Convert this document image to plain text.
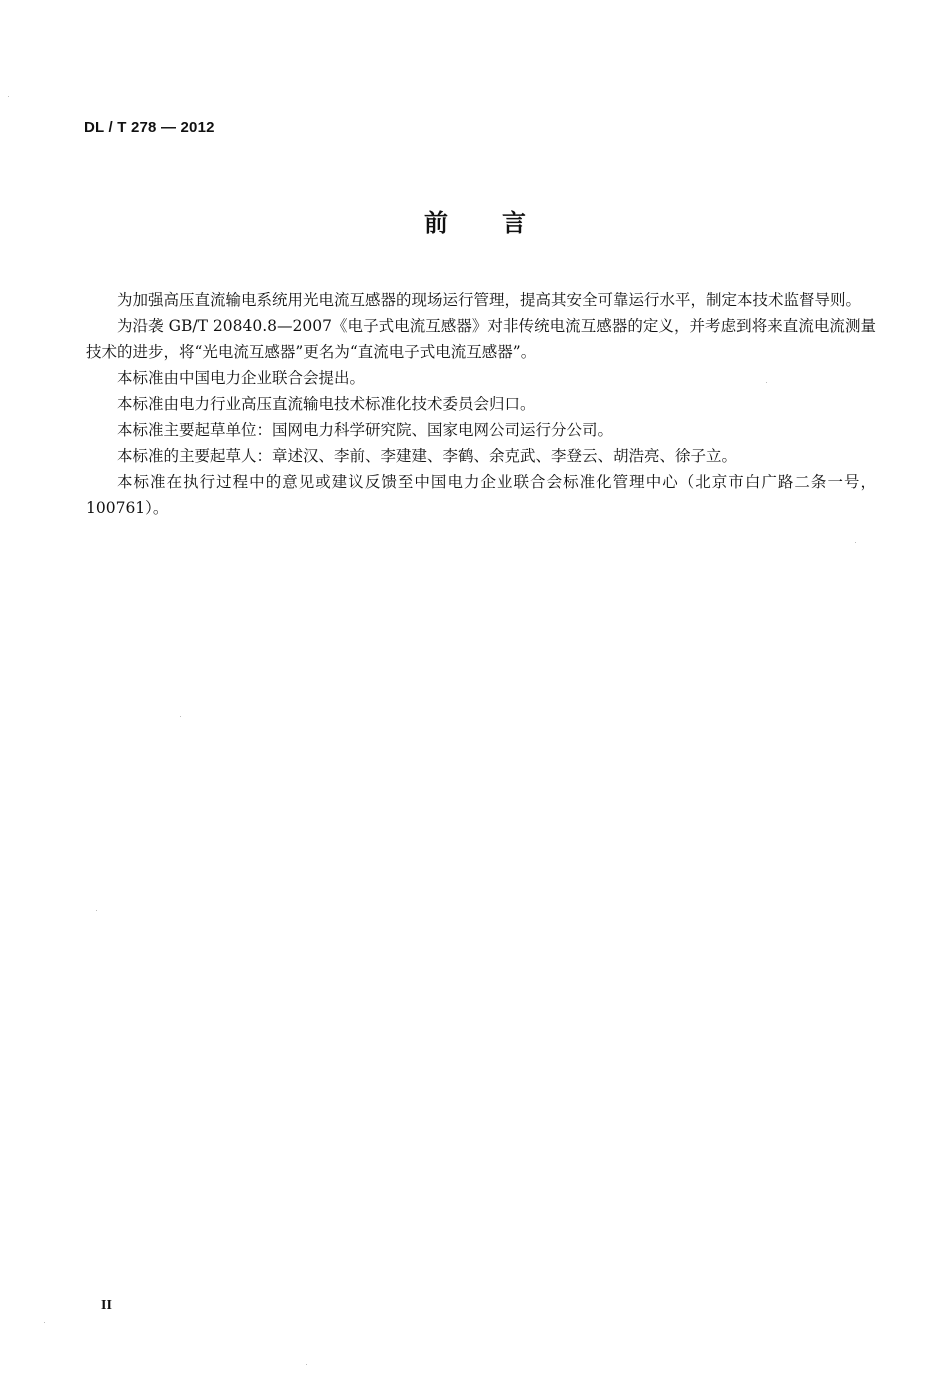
DL / T 278 — 2012
前言

为加强高压直流输电系统用光电流互感器的现场运行管理，提高其安全可靠运行水平，制定本技术监督导则。

为沿袭 GB/T 20840.8—2007《电子式电流互感器》对非传统电流互感器的定义，并考虑到将来直流电流测量技术的进步，将“光电流互感器”更名为“直流电子式电流互感器”。

本标准由中国电力企业联合会提出。

本标准由电力行业高压直流输电技术标准化技术委员会归口。

本标准主要起草单位：国网电力科学研究院、国家电网公司运行分公司。

本标准的主要起草人：章述汉、李前、李建建、李鹤、余克武、李登云、胡浩亮、徐子立。

本标准在执行过程中的意见或建议反馈至中国电力企业联合会标准化管理中心（北京市白广路二条一号，100761）。

II
